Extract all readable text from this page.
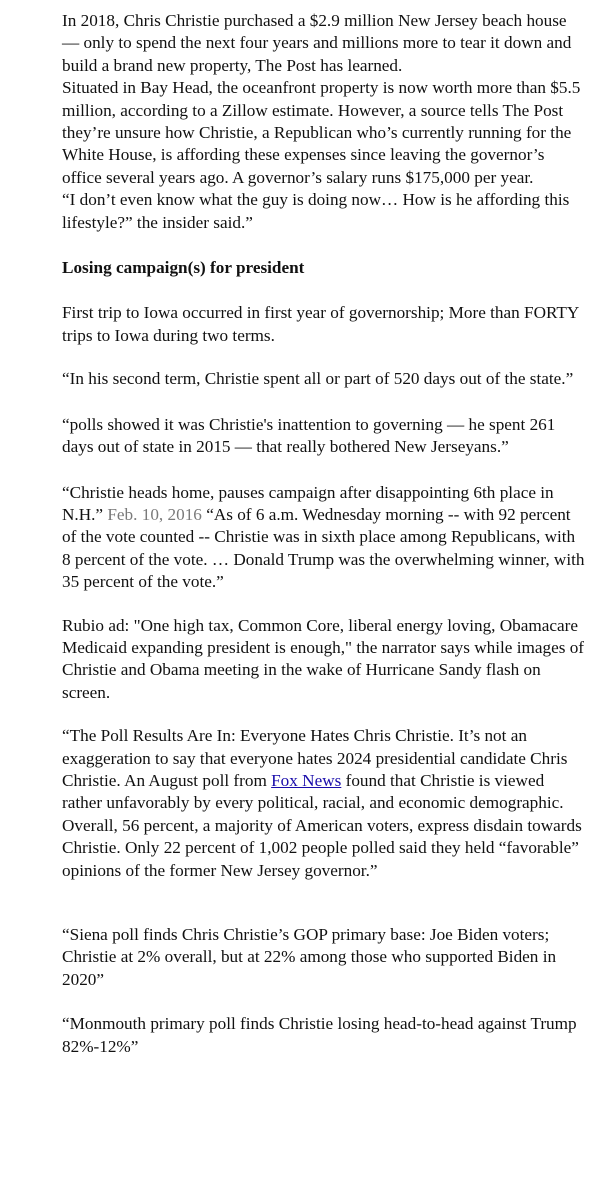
In 2018, Chris Christie purchased a $2.9 million New Jersey beach house — only to spend the next four years and millions more to tear it down and build a brand new property, The Post has learned.

Situated in Bay Head, the oceanfront property is now worth more than $5.5 million, according to a Zillow estimate. However, a source tells The Post they’re unsure how Christie, a Republican who’s currently running for the White House, is affording these expenses since leaving the governor’s office several years ago. A governor’s salary runs $175,000 per year.

“I don’t even know what the guy is doing now… How is he affording this lifestyle?” the insider said.”

Losing campaign(s) for president

First trip to Iowa occurred in first year of governorship; More than FORTY trips to Iowa during two terms.

“In his second term, Christie spent all or part of 520 days out of the state.”

“polls showed it was Christie's inattention to governing — he spent 261 days out of state in 2015 — that really bothered New Jerseyans.”

“Christie heads home, pauses campaign after disappointing 6th place in N.H.” Feb. 10, 2016 “As of 6 a.m. Wednesday morning -- with 92 percent of the vote counted -- Christie was in sixth place among Republicans, with 8 percent of the vote. … Donald Trump was the overwhelming winner, with 35 percent of the vote.”

Rubio ad: "One high tax, Common Core, liberal energy loving, Obamacare Medicaid expanding president is enough," the narrator says while images of Christie and Obama meeting in the wake of Hurricane Sandy flash on screen.

“The Poll Results Are In: Everyone Hates Chris Christie. It’s not an exaggeration to say that everyone hates 2024 presidential candidate Chris Christie. An August poll from Fox News found that Christie is viewed rather unfavorably by every political, racial, and economic demographic. Overall, 56 percent, a majority of American voters, express disdain towards Christie. Only 22 percent of 1,002 people polled said they held “favorable” opinions of the former New Jersey governor.”

“Siena poll finds Chris Christie’s GOP primary base: Joe Biden voters; Christie at 2% overall, but at 22% among those who supported Biden in 2020”

“Monmouth primary poll finds Christie losing head-to-head against Trump 82%-12%”
